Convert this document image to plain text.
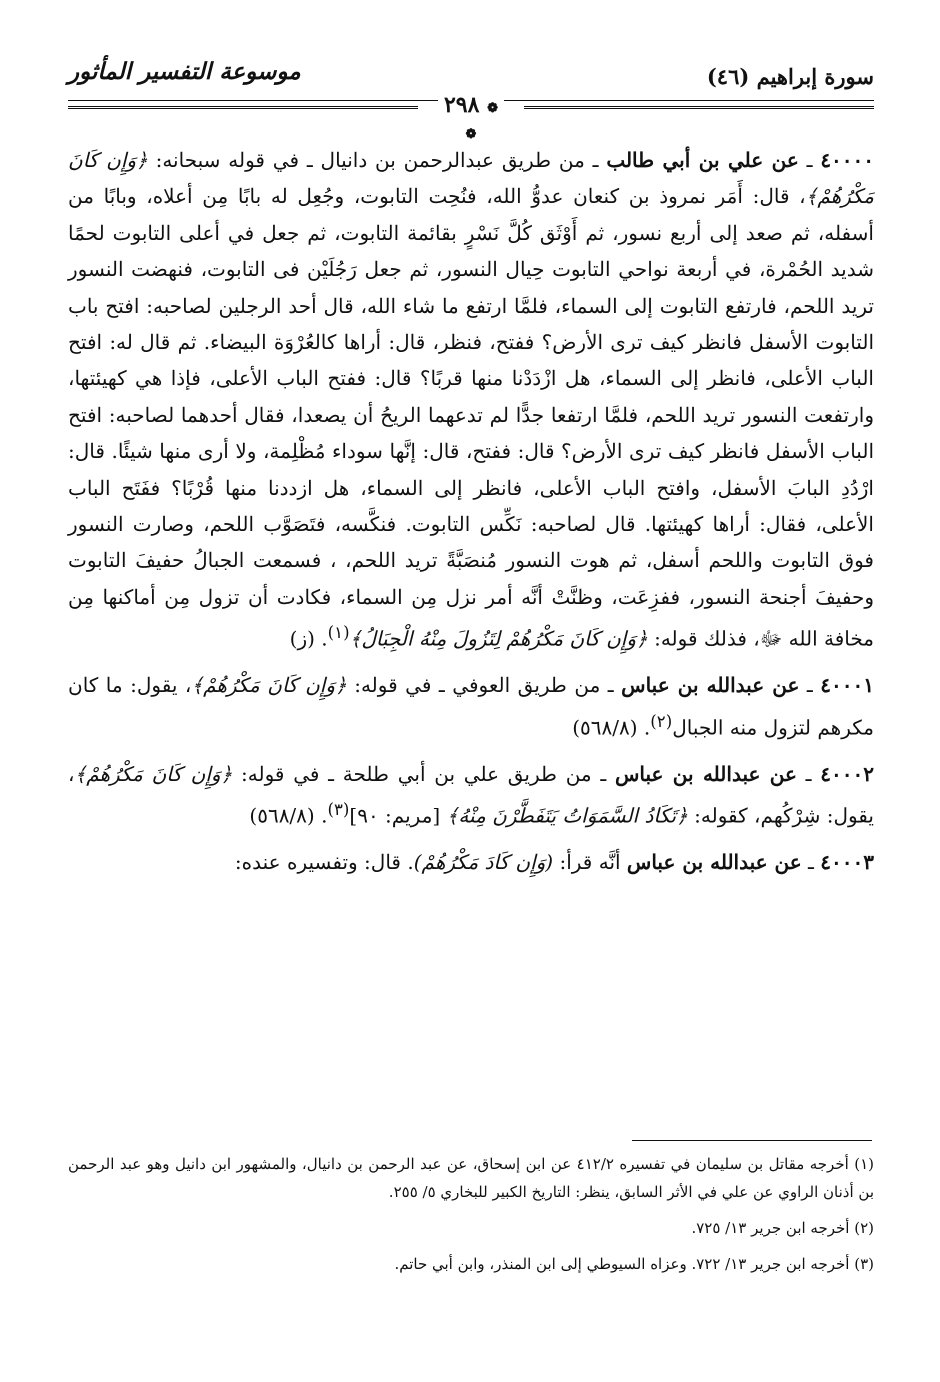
سورة إبراهيم (٤٦)
موسوعة التفسير المأثور
❁ ٢٩٨ ❁

٤٠٠٠٠ ـ عن علي بن أبي طالب ـ من طريق عبدالرحمن بن دانيال ـ في قوله سبحانه: ﴿وَإِن كَانَ مَكْرُهُمْ﴾، قال: أَمَر نمروذ بن كنعان عدوُّ الله، فنُحِت التابوت، وجُعِل له بابًا مِن أعلاه، وبابًا من أسفله، ثم صعد إلى أربع نسور، ثم أَوْثَق كُلَّ نَسْرٍ بقائمة التابوت، ثم جعل في أعلى التابوت لحمًا شديد الحُمْرة، في أربعة نواحي التابوت حِيال النسور، ثم جعل رَجُلَيْن فى التابوت، فنهضت النسور تريد اللحم، فارتفع التابوت إلى السماء، فلمَّا ارتفع ما شاء الله، قال أحد الرجلين لصاحبه: افتح باب التابوت الأسفل فانظر كيف ترى الأرض؟ ففتح، فنظر، قال: أراها كالعُرْوَة البيضاء. ثم قال له: افتح الباب الأعلى، فانظر إلى السماء، هل ازْدَدْنا منها قربًا؟ قال: ففتح الباب الأعلى، فإذا هي كهيئتها، وارتفعت النسور تريد اللحم، فلمَّا ارتفعا جدًّا لم تدعهما الريحُ أن يصعدا، فقال أحدهما لصاحبه: افتح الباب الأسفل فانظر كيف ترى الأرض؟ قال: ففتح، قال: إنَّها سوداء مُظْلِمة، ولا أرى منها شيئًا. قال: ارْدُدِ البابَ الأسفل، وافتح الباب الأعلى، فانظر إلى السماء، هل ازددنا منها قُرْبًا؟ ففَتَح الباب الأعلى، فقال: أراها كهيئتها. قال لصاحبه: نَكِّس التابوت. فنكَّسه، فتَصَوَّب اللحم، وصارت النسور فوق التابوت واللحم أسفل، ثم هوت النسور مُنصَبَّةً تريد اللحم، ، فسمعت الجبالُ حفيفَ التابوت وحفيفَ أجنحة النسور، ففزِعَت، وظنَّتْ أنَّه أمر نزل مِن السماء، فكادت أن تزول مِن أماكنها مِن مخافة الله ﷻ، فذلك قوله: ﴿وَإِن كَانَ مَكْرُهُمْ لِتَزُولَ مِنْهُ الْجِبَالُ﴾$^{(١)}$. (ز)

٤٠٠٠١ ـ عن عبدالله بن عباس ـ من طريق العوفي ـ في قوله: ﴿وَإِن كَانَ مَكْرُهُمْ﴾، يقول: ما كان مكرهم لتزول منه الجبال$^{(٢)}$. (٥٦٨/٨)

٤٠٠٠٢ ـ عن عبدالله بن عباس ـ من طريق علي بن أبي طلحة ـ في قوله: ﴿وَإِن كَانَ مَكْرُهُمْ﴾، يقول: شِرْكُهم، كقوله: ﴿تَكَادُ السَّمَوَاتُ يَتَفَطَّرْنَ مِنْهُ﴾ [مريم: ٩٠]$^{(٣)}$. (٥٦٨/٨)

٤٠٠٠٣ ـ عن عبدالله بن عباس أنَّه قرأ: (وَإِن كَادَ مَكْرُهُمْ). قال: وتفسيره عنده:

(١) أخرجه مقاتل بن سليمان في تفسيره ٤١٢/٢ عن ابن إسحاق، عن عبد الرحمن بن دانيال، والمشهور ابن دانيل وهو عبد الرحمن بن أذنان الراوي عن علي في الأثر السابق، ينظر: التاريخ الكبير للبخاري ٥/ ٢٥٥.

(٢) أخرجه ابن جرير ١٣/ ٧٢٥.

(٣) أخرجه ابن جرير ١٣/ ٧٢٢. وعزاه السيوطي إلى ابن المنذر، وابن أبي حاتم.
